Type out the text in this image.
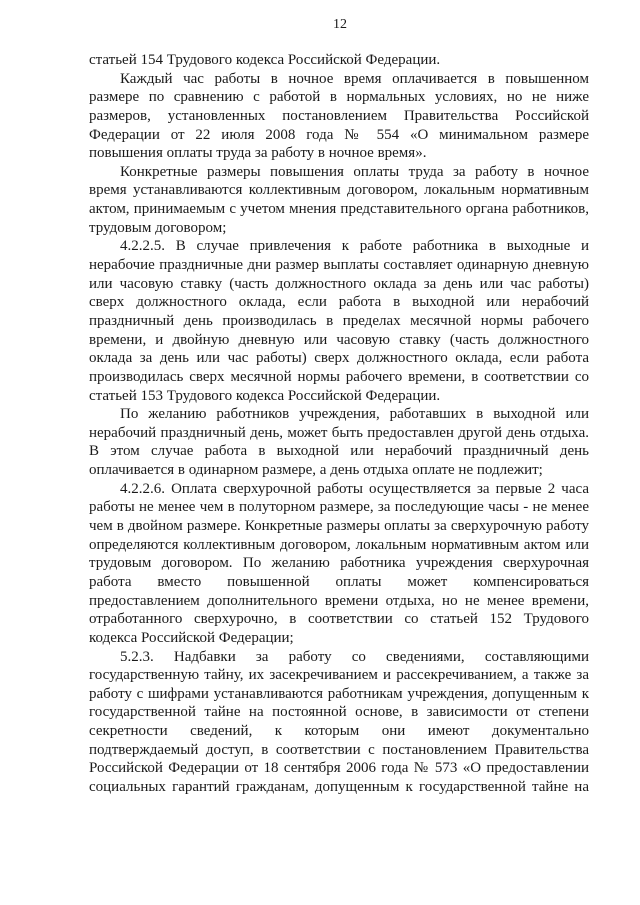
12
статьей 154 Трудового кодекса Российской Федерации.
Каждый час работы в ночное время оплачивается в повышенном
размере по сравнению с работой в нормальных условиях, но не ниже
размеров, установленных постановлением Правительства Российской
Федерации от 22 июля 2008 года № 554 «О минимальном размере
повышения оплаты труда за работу в ночное время».
Конкретные размеры повышения оплаты труда за работу в ночное
время устанавливаются коллективным договором, локальным нормативным
актом, принимаемым с учетом мнения представительного органа работников,
трудовым договором;
4.2.2.5. В случае привлечения к работе работника в выходные и
нерабочие праздничные дни размер выплаты составляет одинарную дневную
или часовую ставку (часть должностного оклада за день или час работы)
сверх должностного оклада, если работа в выходной или нерабочий
праздничный день производилась в пределах месячной нормы рабочего
времени, и двойную дневную или часовую ставку (часть должностного
оклада за день или час работы) сверх должностного оклада, если работа
производилась сверх месячной нормы рабочего времени, в соответствии со
статьей 153 Трудового кодекса Российской Федерации.
По желанию работников учреждения, работавших в выходной или
нерабочий праздничный день, может быть предоставлен другой день отдыха.
В этом случае работа в выходной или нерабочий праздничный день
оплачивается в одинарном размере, а день отдыха оплате не подлежит;
4.2.2.6. Оплата сверхурочной работы осуществляется за первые 2 часа
работы не менее чем в полуторном размере, за последующие часы - не менее
чем в двойном размере. Конкретные размеры оплаты за сверхурочную работу
определяются коллективным договором, локальным нормативным актом или
трудовым договором. По желанию работника учреждения сверхурочная
работа вместо повышенной оплаты может компенсироваться
предоставлением дополнительного времени отдыха, но не менее времени,
отработанного сверхурочно, в соответствии со статьей 152 Трудового
кодекса Российской Федерации;
5.2.3. Надбавки за работу со сведениями, составляющими
государственную тайну, их засекречиванием и рассекречиванием, а также за
работу с шифрами устанавливаются работникам учреждения, допущенным к
государственной тайне на постоянной основе, в зависимости от степени
секретности сведений, к которым они имеют документально
подтверждаемый доступ, в соответствии с постановлением Правительства
Российской Федерации от 18 сентября 2006 года № 573 «О предоставлении
социальных гарантий гражданам, допущенным к государственной тайне на
